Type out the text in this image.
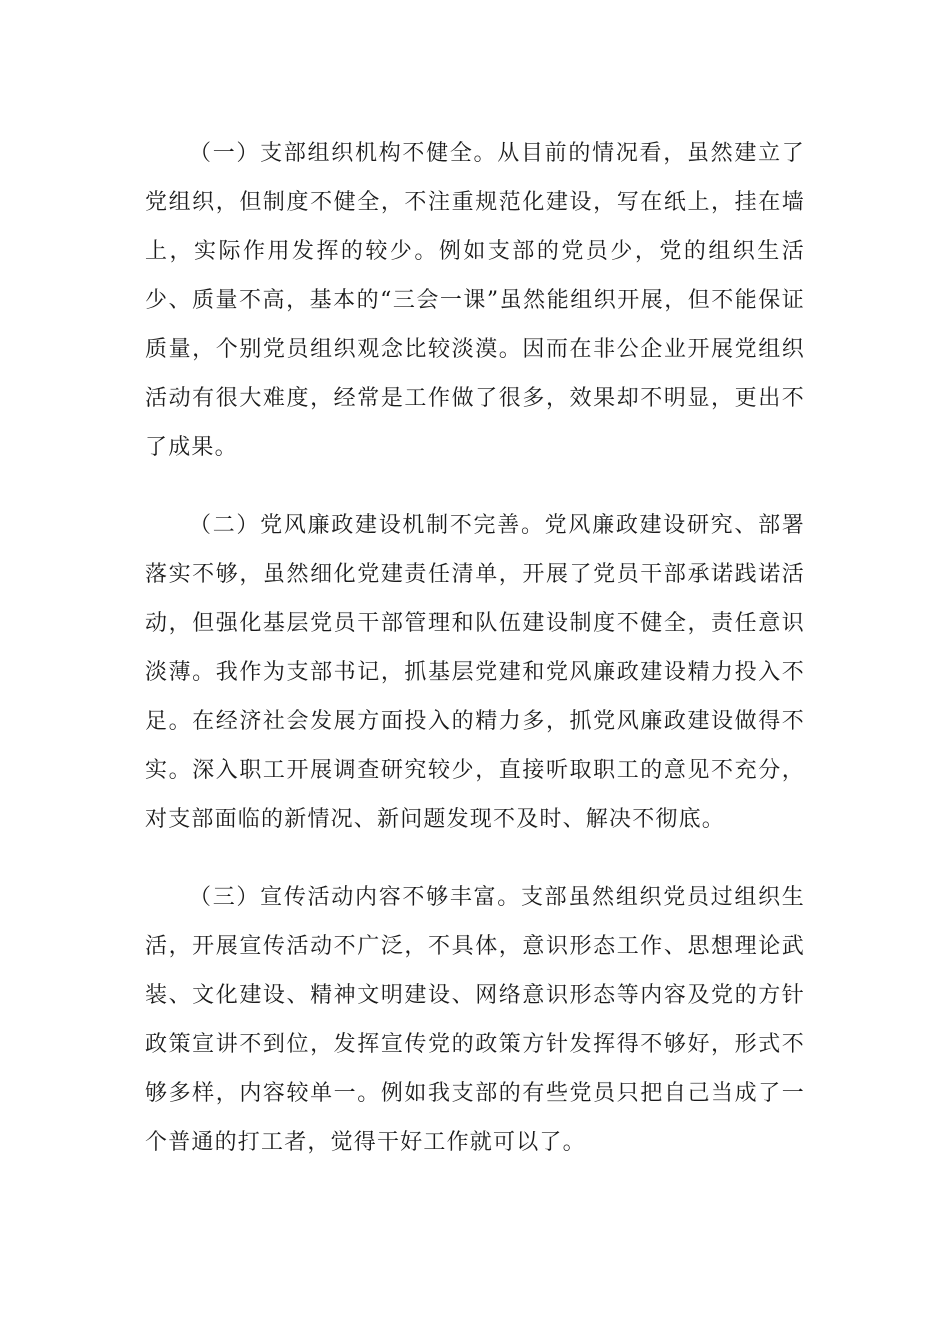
（一）支部组织机构不健全。从目前的情况看，虽然建立了党组织，但制度不健全，不注重规范化建设，写在纸上，挂在墙上，实际作用发挥的较少。例如支部的党员少，党的组织生活少、质量不高，基本的“三会一课”虽然能组织开展，但不能保证质量，个别党员组织观念比较淡漠。因而在非公企业开展党组织活动有很大难度，经常是工作做了很多，效果却不明显，更出不了成果。

（二）党风廉政建设机制不完善。党风廉政建设研究、部署落实不够，虽然细化党建责任清单，开展了党员干部承诺践诺活动，但强化基层党员干部管理和队伍建设制度不健全，责任意识淡薄。我作为支部书记，抓基层党建和党风廉政建设精力投入不足。在经济社会发展方面投入的精力多，抓党风廉政建设做得不实。深入职工开展调查研究较少，直接听取职工的意见不充分，对支部面临的新情况、新问题发现不及时、解决不彻底。

（三）宣传活动内容不够丰富。支部虽然组织党员过组织生活，开展宣传活动不广泛，不具体，意识形态工作、思想理论武装、文化建设、精神文明建设、网络意识形态等内容及党的方针政策宣讲不到位，发挥宣传党的政策方针发挥得不够好，形式不够多样，内容较单一。例如我支部的有些党员只把自己当成了一个普通的打工者，觉得干好工作就可以了。
